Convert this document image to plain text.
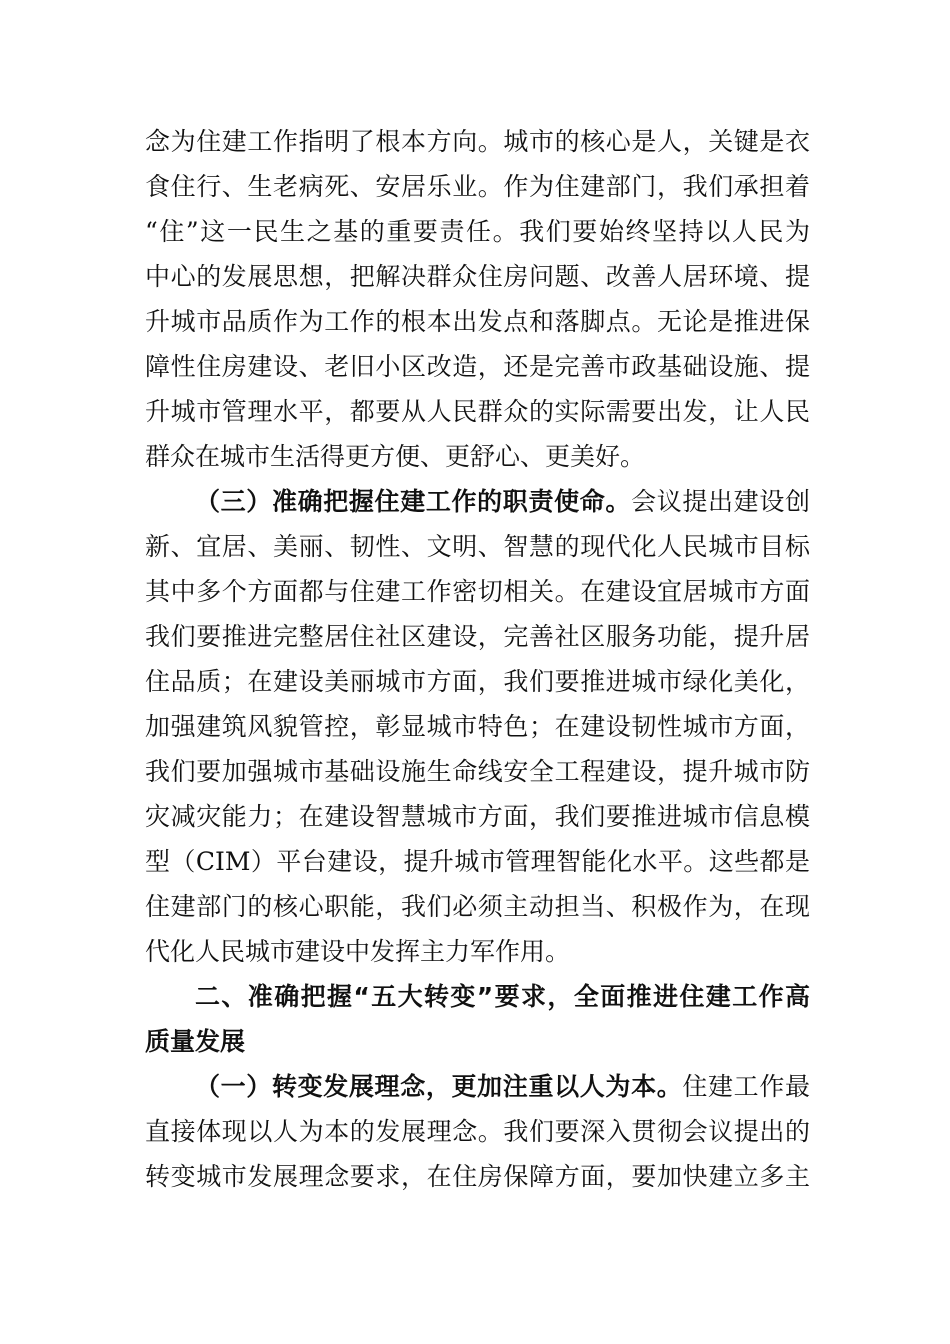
念为住建工作指明了根本方向。城市的核心是人，关键是衣
食住行、生老病死、安居乐业。作为住建部门，我们承担着
“住”这一民生之基的重要责任。我们要始终坚持以人民为
中心的发展思想，把解决群众住房问题、改善人居环境、提
升城市品质作为工作的根本出发点和落脚点。无论是推进保
障性住房建设、老旧小区改造，还是完善市政基础设施、提
升城市管理水平，都要从人民群众的实际需要出发，让人民
群众在城市生活得更方便、更舒心、更美好。
（三）准确把握住建工作的职责使命。会议提出建设创
新、宜居、美丽、韧性、文明、智慧的现代化人民城市目标
其中多个方面都与住建工作密切相关。在建设宜居城市方面
我们要推进完整居住社区建设，完善社区服务功能，提升居
住品质；在建设美丽城市方面，我们要推进城市绿化美化，
加强建筑风貌管控，彰显城市特色；在建设韧性城市方面，
我们要加强城市基础设施生命线安全工程建设，提升城市防
灾减灾能力；在建设智慧城市方面，我们要推进城市信息模
型（CIM）平台建设，提升城市管理智能化水平。这些都是
住建部门的核心职能，我们必须主动担当、积极作为，在现
代化人民城市建设中发挥主力军作用。
二、准确把握“五大转变”要求，全面推进住建工作高
质量发展
（一）转变发展理念，更加注重以人为本。住建工作最
直接体现以人为本的发展理念。我们要深入贯彻会议提出的
转变城市发展理念要求，在住房保障方面，要加快建立多主
